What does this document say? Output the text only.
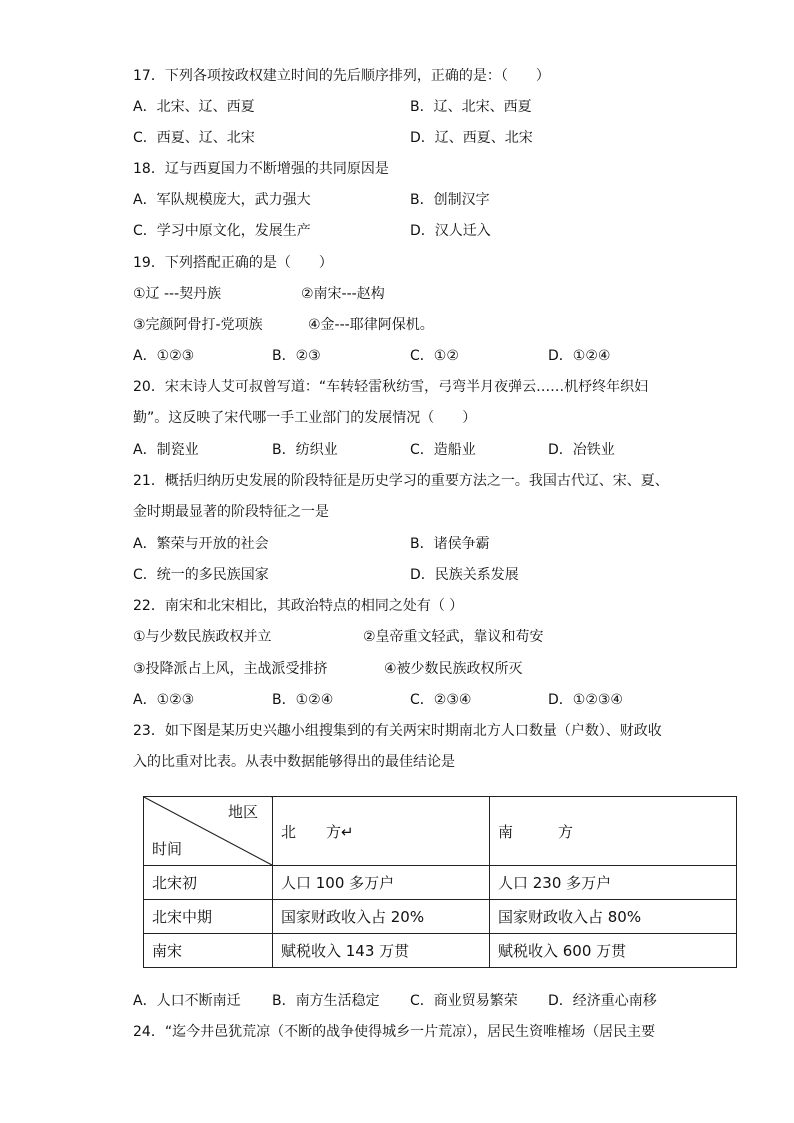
17．下列各项按政权建立时间的先后顺序排列，正确的是：（　　）
A．北宋、辽、西夏	B．辽、北宋、西夏
C．西夏、辽、北宋	D．辽、西夏、北宋
18．辽与西夏国力不断增强的共同原因是
A．军队规模庞大，武力强大	B．创制汉字
C．学习中原文化，发展生产	D．汉人迁入
19．下列搭配正确的是（　　）
①辽 ---契丹族	②南宋---赵构
③完颜阿骨打-党项族	④金---耶律阿保机。
A．①②③	B．②③	C．①②	D．①②④
20．宋末诗人艾可叔曾写道：“车转轻雷秋纺雪，弓弯半月夜弹云……机杼终年织妇
勤”。这反映了宋代哪一手工业部门的发展情况（　　）
A．制瓷业	B．纺织业	C．造船业	D．冶铁业
21．概括归纳历史发展的阶段特征是历史学习的重要方法之一。我国古代辽、宋、夏、
金时期最显著的阶段特征之一是
A．繁荣与开放的社会	B．诸侯争霸
C．统一的多民族国家	D．民族关系发展
22．南宋和北宋相比，其政治特点的相同之处有（ ）
①与少数民族政权并立	②皇帝重文轻武，靠议和苟安
③投降派占上风，主战派受排挤	④被少数民族政权所灭
A．①②③	B．①②④	C．②③④	D．①②③④
23．如下图是某历史兴趣小组搜集到的有关两宋时期南北方人口数量（户数）、财政收
入的比重对比表。从表中数据能够得出的最佳结论是
地区
时间	北　　方↵	南　　　方
北宋初	人口 100 多万户	人口 230 多万户
北宋中期	国家财政收入占 20%	国家财政收入占 80%
南宋	赋税收入 143 万贯	赋税收入 600 万贯
A．人口不断南迁 B．南方生活稳定 C．商业贸易繁荣 D．经济重心南移
24．“迄今井邑犹荒凉（不断的战争使得城乡一片荒凉），居民生资唯榷场（居民主要
